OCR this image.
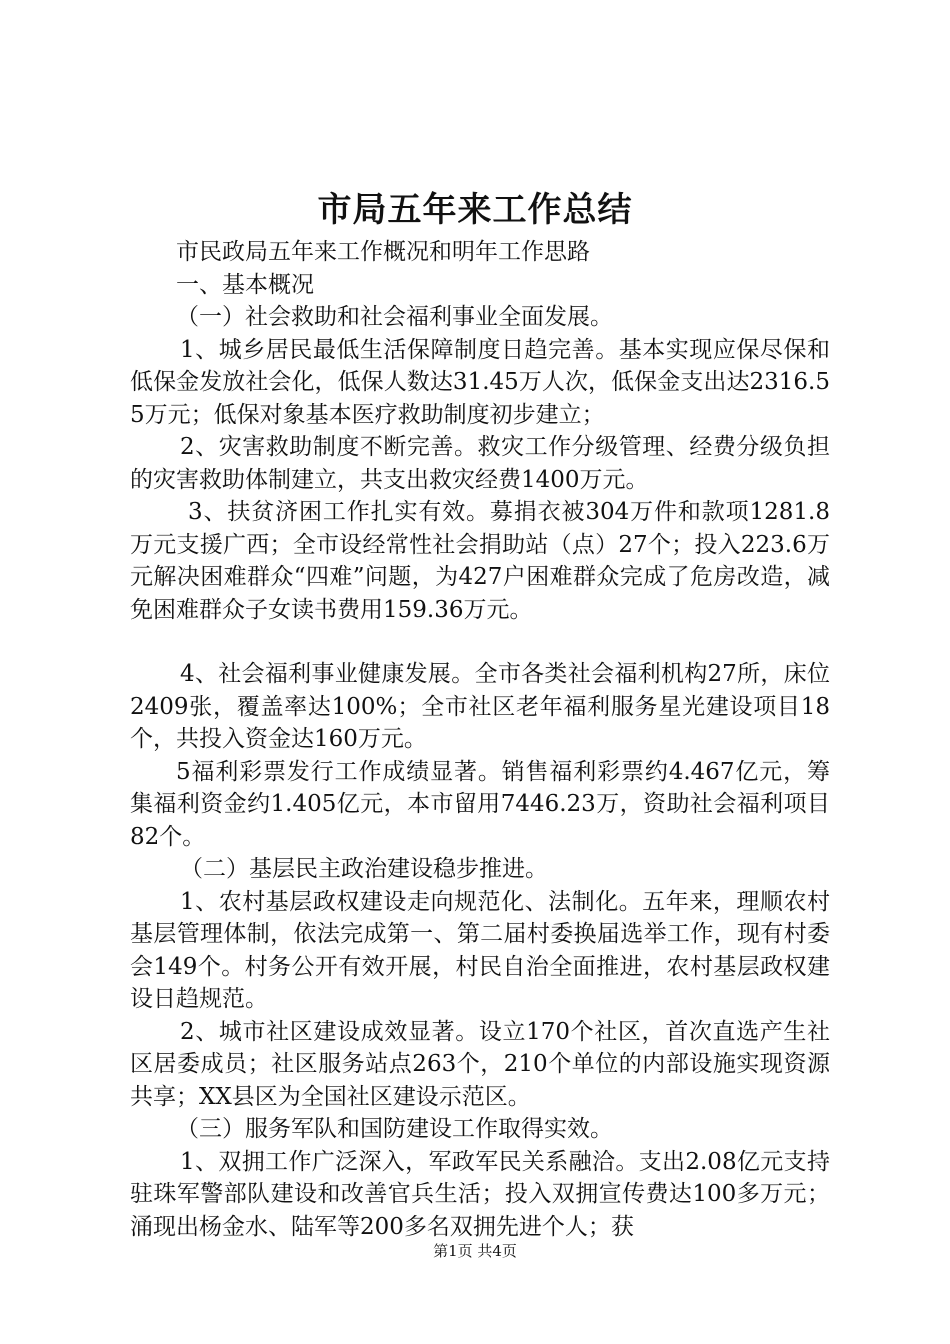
市局五年来工作总结

市民政局五年来工作概况和明年工作思路

一、基本概况

（一）社会救助和社会福利事业全面发展。

1、城乡居民最低生活保障制度日趋完善。基本实现应保尽保和低保金发放社会化，低保人数达31.45万人次，低保金支出达2316.55万元；低保对象基本医疗救助制度初步建立；

2、灾害救助制度不断完善。救灾工作分级管理、经费分级负担的灾害救助体制建立，共支出救灾经费1400万元。

3、扶贫济困工作扎实有效。募捐衣被304万件和款项1281.8万元支援广西；全市设经常性社会捐助站（点）27个；投入223.6万元解决困难群众“四难”问题，为427户困难群众完成了危房改造，减免困难群众子女读书费用159.36万元。

4、社会福利事业健康发展。全市各类社会福利机构27所，床位2409张，覆盖率达100%；全市社区老年福利服务星光建设项目18个，共投入资金达160万元。

5福利彩票发行工作成绩显著。销售福利彩票约4.467亿元，筹集福利资金约1.405亿元，本市留用7446.23万，资助社会福利项目82个。

（二）基层民主政治建设稳步推进。

1、农村基层政权建设走向规范化、法制化。五年来，理顺农村基层管理体制，依法完成第一、第二届村委换届选举工作，现有村委会149个。村务公开有效开展，村民自治全面推进，农村基层政权建设日趋规范。

2、城市社区建设成效显著。设立170个社区，首次直选产生社区居委成员；社区服务站点263个，210个单位的内部设施实现资源共享；XX县区为全国社区建设示范区。

（三）服务军队和国防建设工作取得实效。

1、双拥工作广泛深入，军政军民关系融洽。支出2.08亿元支持驻珠军警部队建设和改善官兵生活；投入双拥宣传费达100多万元；涌现出杨金水、陆军等200多名双拥先进个人；获

第1页 共4页
